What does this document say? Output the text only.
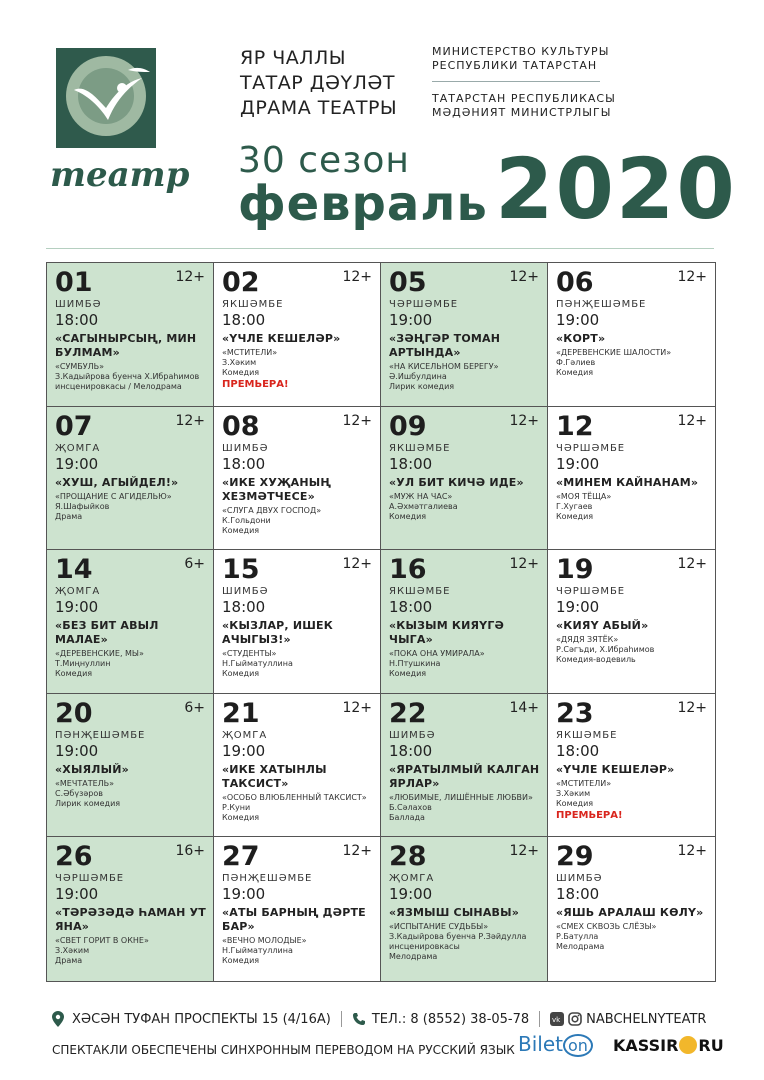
театр
ЯР ЧАЛЛЫ
ТАТАР ДӘҮЛӘТ
ДРАМА ТЕАТРЫ
МИНИСТЕРСТВО КУЛЬТУРЫ
РЕСПУБЛИКИ ТАТАРСТАН
ТАТАРСТАН РЕСПУБЛИКАСЫ
МӘДӘНИЯТ МИНИСТРЛЫГЫ
30 сезон
февраль 2020
01	12+
ШИМБӘ
18:00
«САГЫНЫРСЫҢ, МИН БУЛМАМ»
«СУМБУЛЬ»
З.Кадыйрова буенча Х.Ибраһимов инсценировкасы / Мелодрама
02	12+
ЯКШӘМБЕ
18:00
«ҮЧЛЕ КЕШЕЛӘР»
«МСТИТЕЛИ»
З.Хәким
Комедия
ПРЕМЬЕРА!
05	12+
ЧӘРШӘМБЕ
19:00
«ЗӘҢГӘР ТОМАН АРТЫНДА»
«НА КИСЕЛЬНОМ БЕРЕГУ»
Ә.Ишбулдина
Лирик комедия
06	12+
ПӘНҖЕШӘМБЕ
19:00
«КОРТ»
«ДЕРЕВЕНСКИЕ ШАЛОСТИ»
Ф.Гәлиев
Комедия
07	12+
ҖОМГА
19:00
«ХУШ, АГЫЙДЕЛ!»
«ПРОЩАНИЕ С АГИДЕЛЬЮ»
Я.Шафыйков
Драма
08	12+
ШИМБӘ
18:00
«ИКЕ ХУҖАНЫҢ ХЕЗМӘТЧЕСЕ»
«СЛУГА ДВУХ ГОСПОД»
К.Гольдони
Комедия
09	12+
ЯКШӘМБЕ
18:00
«УЛ БИТ КИЧӘ ИДЕ»
«МУЖ НА ЧАС»
А.Әхмәтгалиева
Комедия
12	12+
ЧӘРШӘМБЕ
19:00
«МИНЕМ КАЙНАНАМ»
«МОЯ ТЁЩА»
Г.Хугаев
Комедия
14	6+
ҖОМГА
19:00
«БЕЗ БИТ АВЫЛ МАЛАЕ»
«ДЕРЕВЕНСКИЕ, МЫ»
Т.Миңнуллин
Комедия
15	12+
ШИМБӘ
18:00
«КЫЗЛАР, ИШЕК АЧЫГЫЗ!»
«СТУДЕНТЫ»
Н.Гыйматуллина
Комедия
16	12+
ЯКШӘМБЕ
18:00
«КЫЗЫМ КИЯҮГӘ ЧЫГА»
«ПОКА ОНА УМИРАЛА»
Н.Птушкина
Комедия
19	12+
ЧӘРШӘМБЕ
19:00
«КИЯҮ АБЫЙ»
«ДЯДЯ ЗЯТЁК»
Р.Сәгъди, Х.Ибраһимов
Комедия-водевиль
20	6+
ПӘНҖЕШӘМБЕ
19:00
«ХЫЯЛЫЙ»
«МЕЧТАТЕЛЬ»
С.Әбүзәров
Лирик комедия
21	12+
ҖОМГА
19:00
«ИКЕ ХАТЫНЛЫ ТАКСИСТ»
«ОСОБО ВЛЮБЛЕННЫЙ ТАКСИСТ»
Р.Куни
Комедия
22	14+
ШИМБӘ
18:00
«ЯРАТЫЛМЫЙ КАЛГАН ЯРЛАР»
«ЛЮБИМЫЕ, ЛИШЁННЫЕ ЛЮБВИ»
Б.Сәлахов
Баллада
23	12+
ЯКШӘМБЕ
18:00
«ҮЧЛЕ КЕШЕЛӘР»
«МСТИТЕЛИ»
З.Хәким
Комедия
ПРЕМЬЕРА!
26	16+
ЧӘРШӘМБЕ
19:00
«ТӘРӘЗӘДӘ ҺАМАН УТ ЯНА»
«СВЕТ ГОРИТ В ОКНЕ»
З.Хәким
Драма
27	12+
ПӘНҖЕШӘМБЕ
19:00
«АТЫ БАРНЫҢ ДӘРТЕ БАР»
«ВЕЧНО МОЛОДЫЕ»
Н.Гыйматуллина
Комедия
28	12+
ҖОМГА
19:00
«ЯЗМЫШ СЫНАВЫ»
«ИСПЫТАНИЕ СУДЬБЫ»
З.Кадыйрова буенча Р.Зәйдулла инсценировкасы
Мелодрама
29	12+
ШИМБӘ
18:00
«ЯШЬ АРАЛАШ КӨЛҮ»
«СМЕХ СКВОЗЬ СЛЁЗЫ»
Р.Батулла
Мелодрама
ХӘСӘН ТУФАН ПРОСПЕКТЫ 15 (4/16А)	ТЕЛ.: 8 (8552) 38-05-78	vk NABCHELNYTEATR
СПЕКТАКЛИ ОБЕСПЕЧЕНЫ СИНХРОННЫМ ПЕРЕВОДОМ НА РУССКИЙ ЯЗЫК Bilet on	KASSIR RU
